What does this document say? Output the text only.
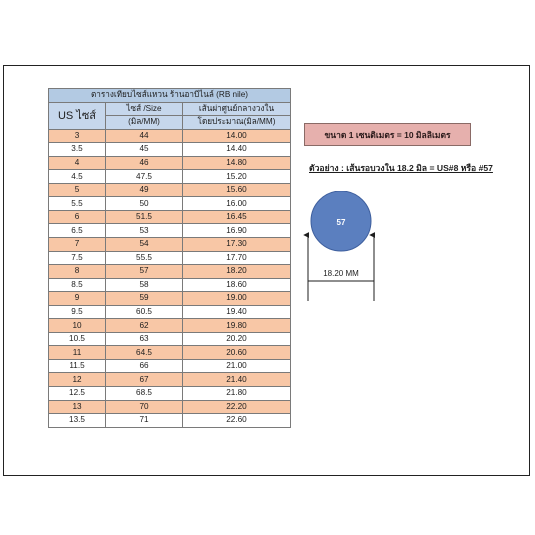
ตารางเทียบไซส์แหวน ร้านอาบีไนล์ (RB nile)		
US ไซส์	ไซส์ /Size	เส้นผ่าศูนย์กลางวงใน
	(มิล/MM)	โดยประมาณ(มิล/MM)
3	44	14.00
3.5	45	14.40
4	46	14.80
4.5	47.5	15.20
5	49	15.60
5.5	50	16.00
6	51.5	16.45
6.5	53	16.90
7	54	17.30
7.5	55.5	17.70
8	57	18.20
8.5	58	18.60
9	59	19.00
9.5	60.5	19.40
10	62	19.80
10.5	63	20.20
11	64.5	20.60
11.5	66	21.00
12	67	21.40
12.5	68.5	21.80
13	70	22.20
13.5	71	22.60
ขนาด 1 เซนติเมตร = 10 มิลลิเมตร
ตัวอย่าง : เส้นรอบวงใน 18.2 มิล = US#8 หรือ #57
57
18.20 MM
